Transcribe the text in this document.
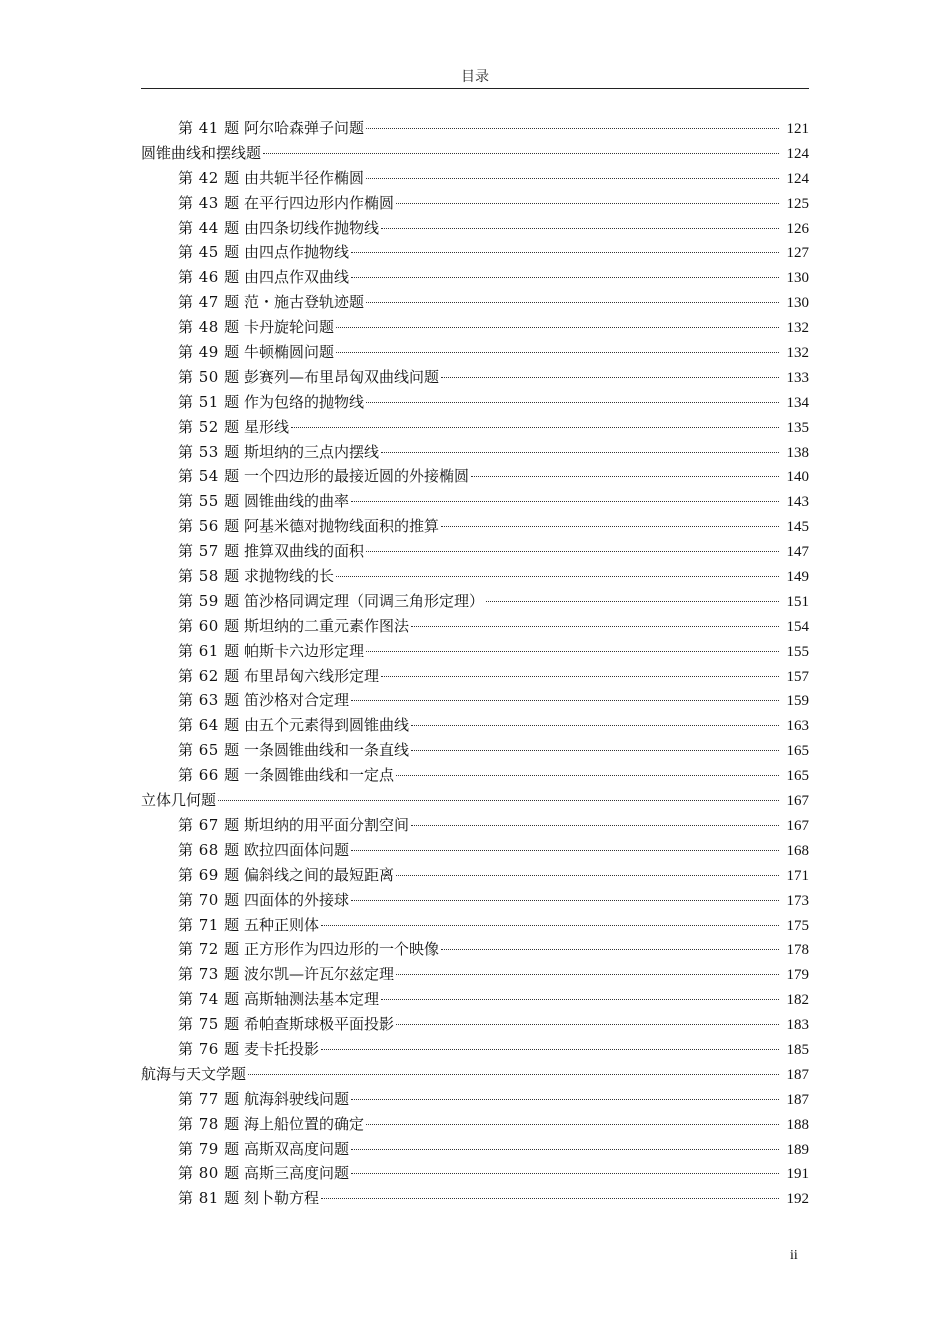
目录
第 41 题 阿尔哈森弹子问题	121
圆锥曲线和摆线题	124
第 42 题 由共轭半径作椭圆	124
第 43 题 在平行四边形内作椭圆	125
第 44 题 由四条切线作抛物线	126
第 45 题 由四点作抛物线	127
第 46 题 由四点作双曲线	130
第 47 题 范・施古登轨迹题	130
第 48 题 卡丹旋轮问题	132
第 49 题 牛顿椭圆问题	132
第 50 题 彭赛列—布里昂匈双曲线问题	133
第 51 题 作为包络的抛物线	134
第 52 题 星形线	135
第 53 题 斯坦纳的三点内摆线	138
第 54 题 一个四边形的最接近圆的外接椭圆	140
第 55 题 圆锥曲线的曲率	143
第 56 题 阿基米德对抛物线面积的推算	145
第 57 题 推算双曲线的面积	147
第 58 题 求抛物线的长	149
第 59 题 笛沙格同调定理（同调三角形定理）	151
第 60 题 斯坦纳的二重元素作图法	154
第 61 题 帕斯卡六边形定理	155
第 62 题 布里昂匈六线形定理	157
第 63 题 笛沙格对合定理	159
第 64 题 由五个元素得到圆锥曲线	163
第 65 题 一条圆锥曲线和一条直线	165
第 66 题 一条圆锥曲线和一定点	165
立体几何题	167
第 67 题 斯坦纳的用平面分割空间	167
第 68 题 欧拉四面体问题	168
第 69 题 偏斜线之间的最短距离	171
第 70 题 四面体的外接球	173
第 71 题 五种正则体	175
第 72 题 正方形作为四边形的一个映像	178
第 73 题 波尔凯—许瓦尔兹定理	179
第 74 题 高斯轴测法基本定理	182
第 75 题 希帕查斯球极平面投影	183
第 76 题 麦卡托投影	185
航海与天文学题	187
第 77 题 航海斜驶线问题	187
第 78 题 海上船位置的确定	188
第 79 题 高斯双高度问题	189
第 80 题 高斯三高度问题	191
第 81 题 刻卜勒方程	192
ii
